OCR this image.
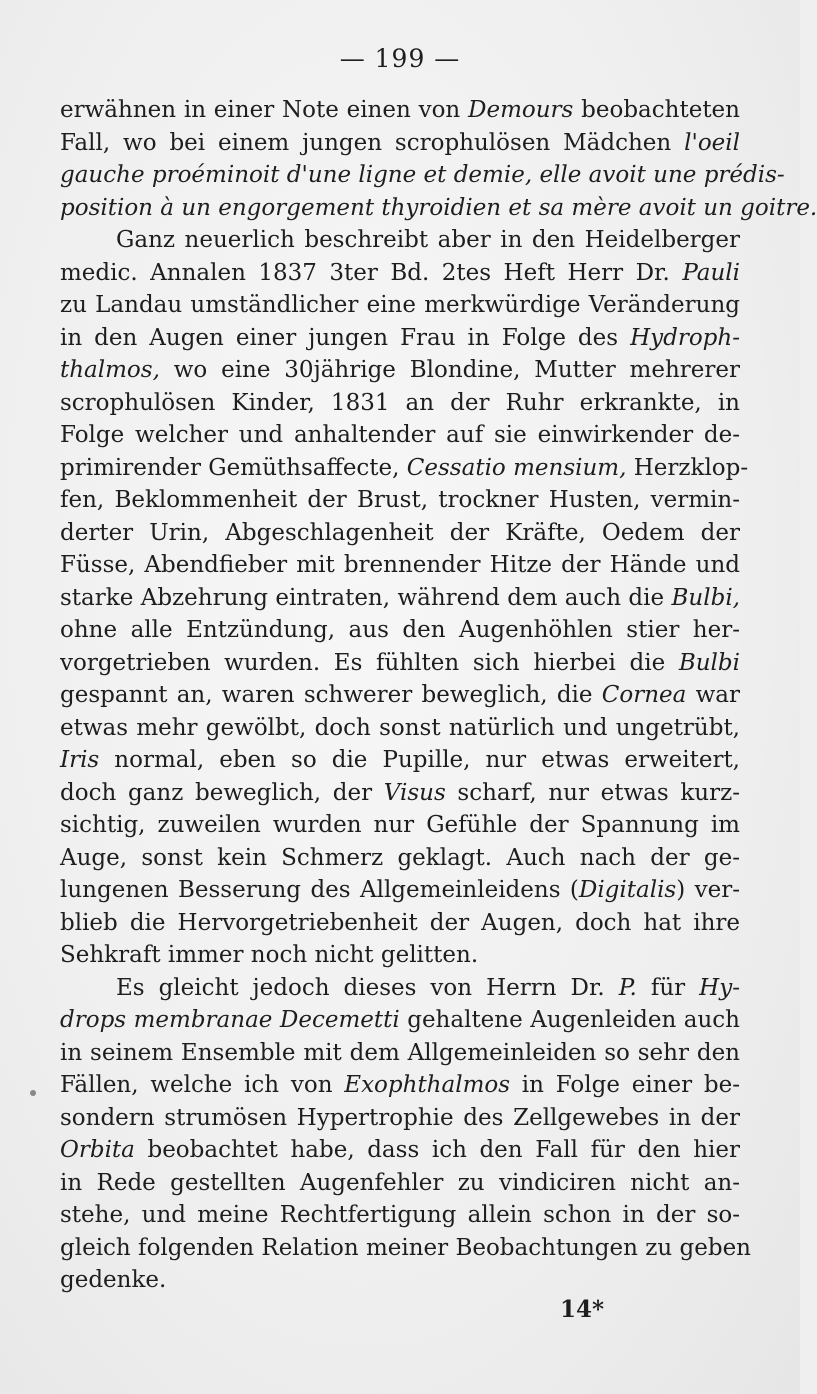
— 199 —
erwähnen in einer Note einen von Demours beobachteten
Fall, wo bei einem jungen scrophulösen Mädchen l'oeil
gauche proéminoit d'une ligne et demie, elle avoit une prédis-
position à un engorgement thyroidien et sa mère avoit un goitre.
Ganz neuerlich beschreibt aber in den Heidelberger
medic. Annalen 1837 3ter Bd. 2tes Heft Herr Dr. Pauli
zu Landau umständlicher eine merkwürdige Veränderung
in den Augen einer jungen Frau in Folge des Hydroph-
thalmos, wo eine 30jährige Blondine, Mutter mehrerer
scrophulösen Kinder, 1831 an der Ruhr erkrankte, in
Folge welcher und anhaltender auf sie einwirkender de-
primirender Gemüthsaffecte, Cessatio mensium, Herzklop-
fen, Beklommenheit der Brust, trockner Husten, vermin-
derter Urin, Abgeschlagenheit der Kräfte, Oedem der
Füsse, Abendfieber mit brennender Hitze der Hände und
starke Abzehrung eintraten, während dem auch die Bulbi,
ohne alle Entzündung, aus den Augenhöhlen stier her-
vorgetrieben wurden. Es fühlten sich hierbei die Bulbi
gespannt an, waren schwerer beweglich, die Cornea war
etwas mehr gewölbt, doch sonst natürlich und ungetrübt,
Iris normal, eben so die Pupille, nur etwas erweitert,
doch ganz beweglich, der Visus scharf, nur etwas kurz-
sichtig, zuweilen wurden nur Gefühle der Spannung im
Auge, sonst kein Schmerz geklagt. Auch nach der ge-
lungenen Besserung des Allgemeinleidens (Digitalis) ver-
blieb die Hervorgetriebenheit der Augen, doch hat ihre
Sehkraft immer noch nicht gelitten.
Es gleicht jedoch dieses von Herrn Dr. P. für Hy-
drops membranae Decemetti gehaltene Augenleiden auch
in seinem Ensemble mit dem Allgemeinleiden so sehr den
Fällen, welche ich von Exophthalmos in Folge einer be-
sondern strumösen Hypertrophie des Zellgewebes in der
Orbita beobachtet habe, dass ich den Fall für den hier
in Rede gestellten Augenfehler zu vindiciren nicht an-
stehe, und meine Rechtfertigung allein schon in der so-
gleich folgenden Relation meiner Beobachtungen zu geben
gedenke.
14*
